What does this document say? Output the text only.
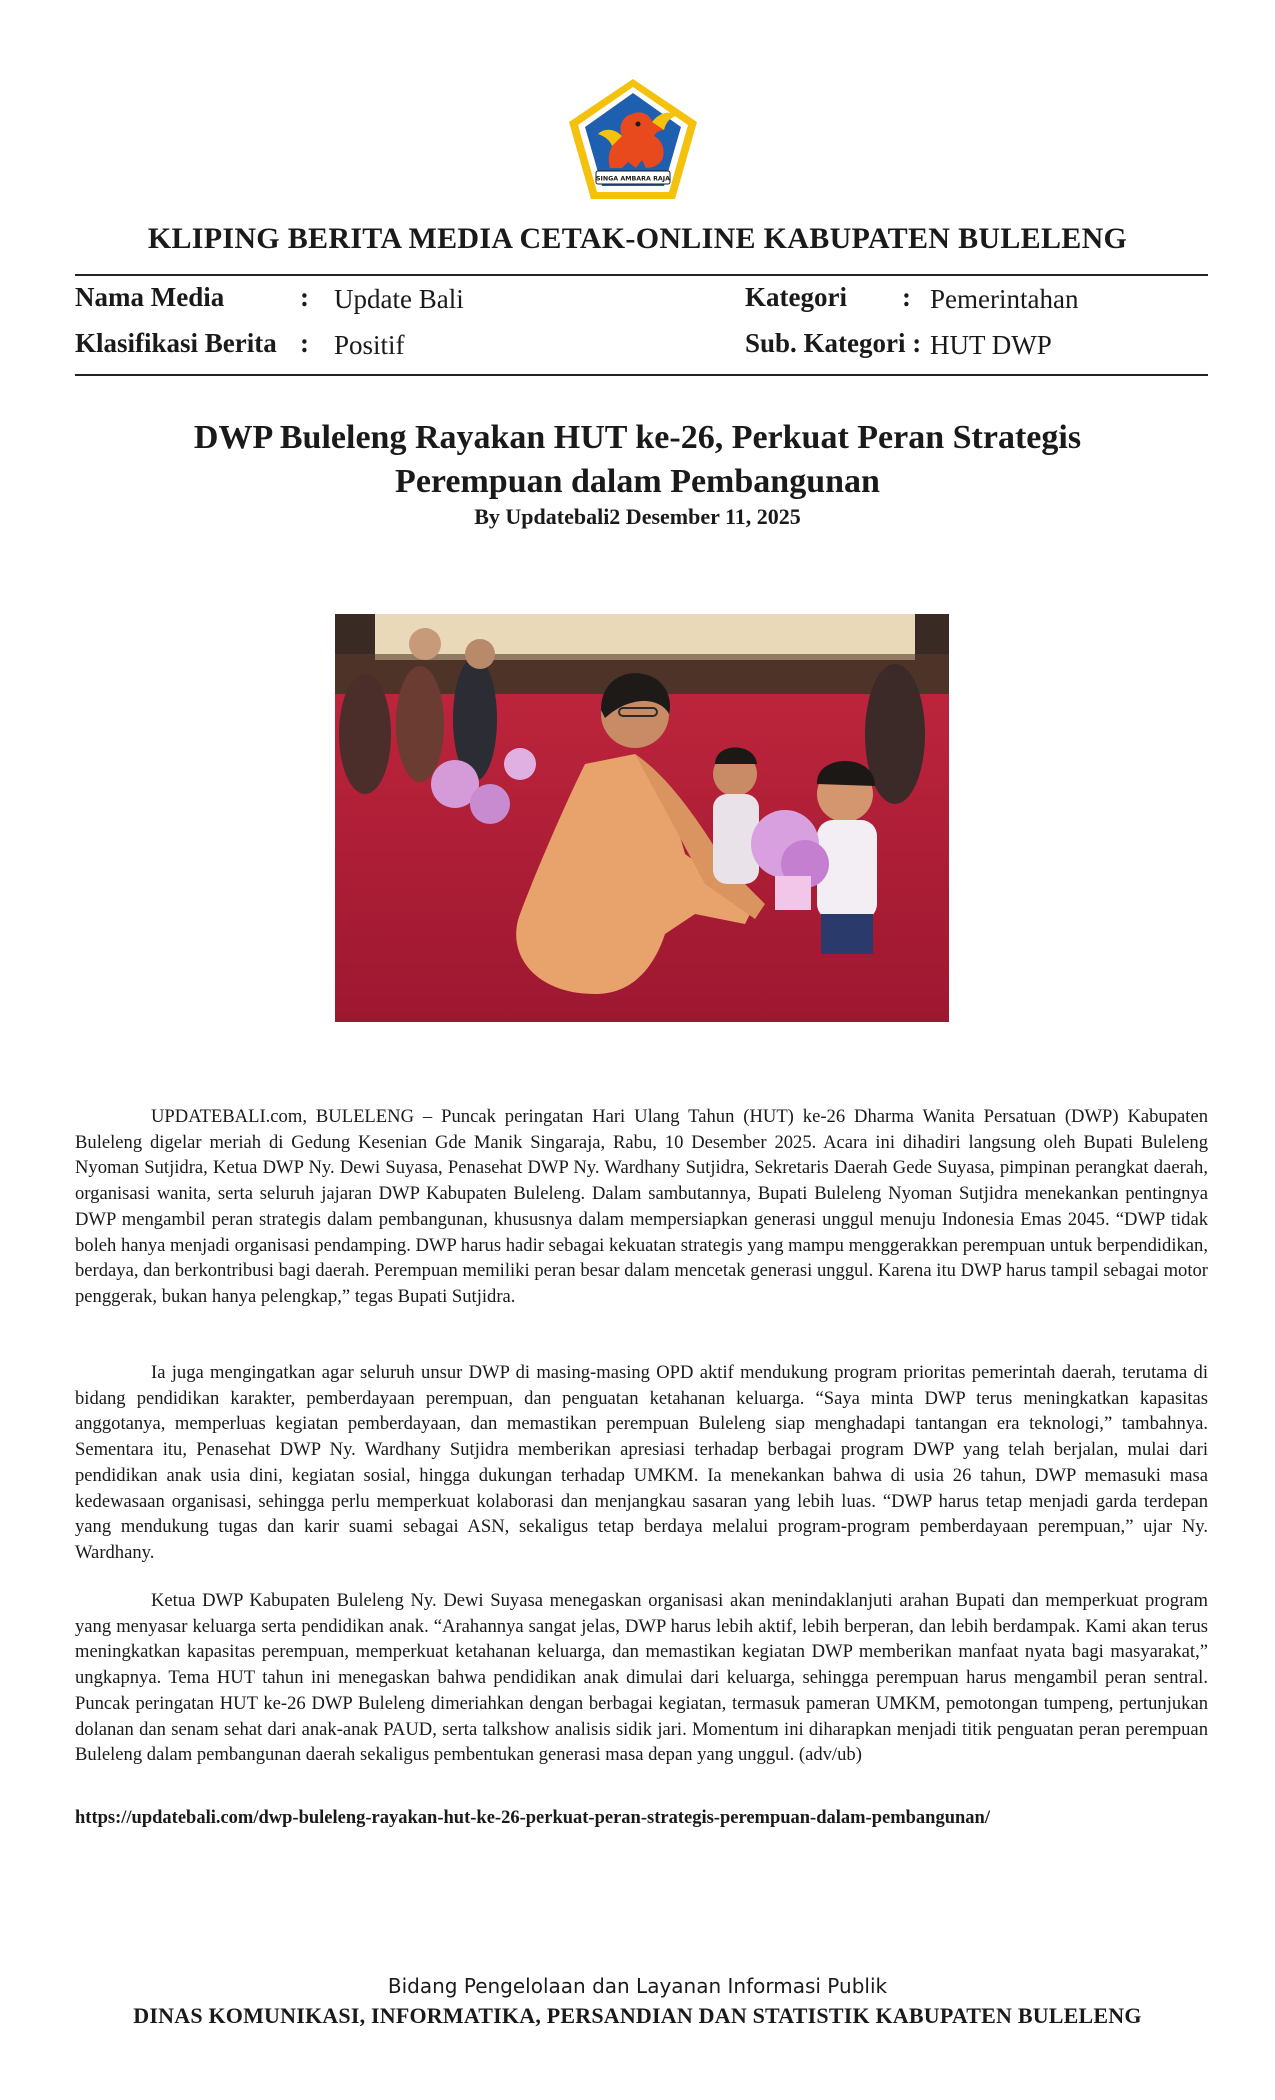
SINGA AMBARA RAJA
KLIPING BERITA MEDIA CETAK-ONLINE KABUPATEN BULELENG
Nama Media	: Update Bali	Kategori : Pemerintahan
Klasifikasi Berita : Positif	Sub. Kategori : HUT DWP
DWP Buleleng Rayakan HUT ke-26, Perkuat Peran Strategis
Perempuan dalam Pembangunan
By Updatebali2 Desember 11, 2025

UPDATEBALI.com, BULELENG – Puncak peringatan Hari Ulang Tahun (HUT) ke-26 Dharma Wanita Persatuan (DWP) Kabupaten Buleleng digelar meriah di Gedung Kesenian Gde Manik Singaraja, Rabu, 10 Desember 2025. Acara ini dihadiri langsung oleh Bupati Buleleng Nyoman Sutjidra, Ketua DWP Ny. Dewi Suyasa, Penasehat DWP Ny. Wardhany Sutjidra, Sekretaris Daerah Gede Suyasa, pimpinan perangkat daerah, organisasi wanita, serta seluruh jajaran DWP Kabupaten Buleleng. Dalam sambutannya, Bupati Buleleng Nyoman Sutjidra menekankan pentingnya DWP mengambil peran strategis dalam pembangunan, khususnya dalam mempersiapkan generasi unggul menuju Indonesia Emas 2045. “DWP tidak boleh hanya menjadi organisasi pendamping. DWP harus hadir sebagai kekuatan strategis yang mampu menggerakkan perempuan untuk berpendidikan, berdaya, dan berkontribusi bagi daerah. Perempuan memiliki peran besar dalam mencetak generasi unggul. Karena itu DWP harus tampil sebagai motor penggerak, bukan hanya pelengkap,” tegas Bupati Sutjidra.

Ia juga mengingatkan agar seluruh unsur DWP di masing-masing OPD aktif mendukung program prioritas pemerintah daerah, terutama di bidang pendidikan karakter, pemberdayaan perempuan, dan penguatan ketahanan keluarga. “Saya minta DWP terus meningkatkan kapasitas anggotanya, memperluas kegiatan pemberdayaan, dan memastikan perempuan Buleleng siap menghadapi tantangan era teknologi,” tambahnya. Sementara itu, Penasehat DWP Ny. Wardhany Sutjidra memberikan apresiasi terhadap berbagai program DWP yang telah berjalan, mulai dari pendidikan anak usia dini, kegiatan sosial, hingga dukungan terhadap UMKM. Ia menekankan bahwa di usia 26 tahun, DWP memasuki masa kedewasaan organisasi, sehingga perlu memperkuat kolaborasi dan menjangkau sasaran yang lebih luas. “DWP harus tetap menjadi garda terdepan yang mendukung tugas dan karir suami sebagai ASN, sekaligus tetap berdaya melalui program-program pemberdayaan perempuan,” ujar Ny. Wardhany.

Ketua DWP Kabupaten Buleleng Ny. Dewi Suyasa menegaskan organisasi akan menindaklanjuti arahan Bupati dan memperkuat program yang menyasar keluarga serta pendidikan anak. “Arahannya sangat jelas, DWP harus lebih aktif, lebih berperan, dan lebih berdampak. Kami akan terus meningkatkan kapasitas perempuan, memperkuat ketahanan keluarga, dan memastikan kegiatan DWP memberikan manfaat nyata bagi masyarakat,” ungkapnya. Tema HUT tahun ini menegaskan bahwa pendidikan anak dimulai dari keluarga, sehingga perempuan harus mengambil peran sentral. Puncak peringatan HUT ke-26 DWP Buleleng dimeriahkan dengan berbagai kegiatan, termasuk pameran UMKM, pemotongan tumpeng, pertunjukan dolanan dan senam sehat dari anak-anak PAUD, serta talkshow analisis sidik jari. Momentum ini diharapkan menjadi titik penguatan peran perempuan Buleleng dalam pembangunan daerah sekaligus pembentukan generasi masa depan yang unggul. (adv/ub)

https://updatebali.com/dwp-buleleng-rayakan-hut-ke-26-perkuat-peran-strategis-perempuan-dalam-pembangunan/
Bidang Pengelolaan dan Layanan Informasi Publik
DINAS KOMUNIKASI, INFORMATIKA, PERSANDIAN DAN STATISTIK KABUPATEN BULELENG
